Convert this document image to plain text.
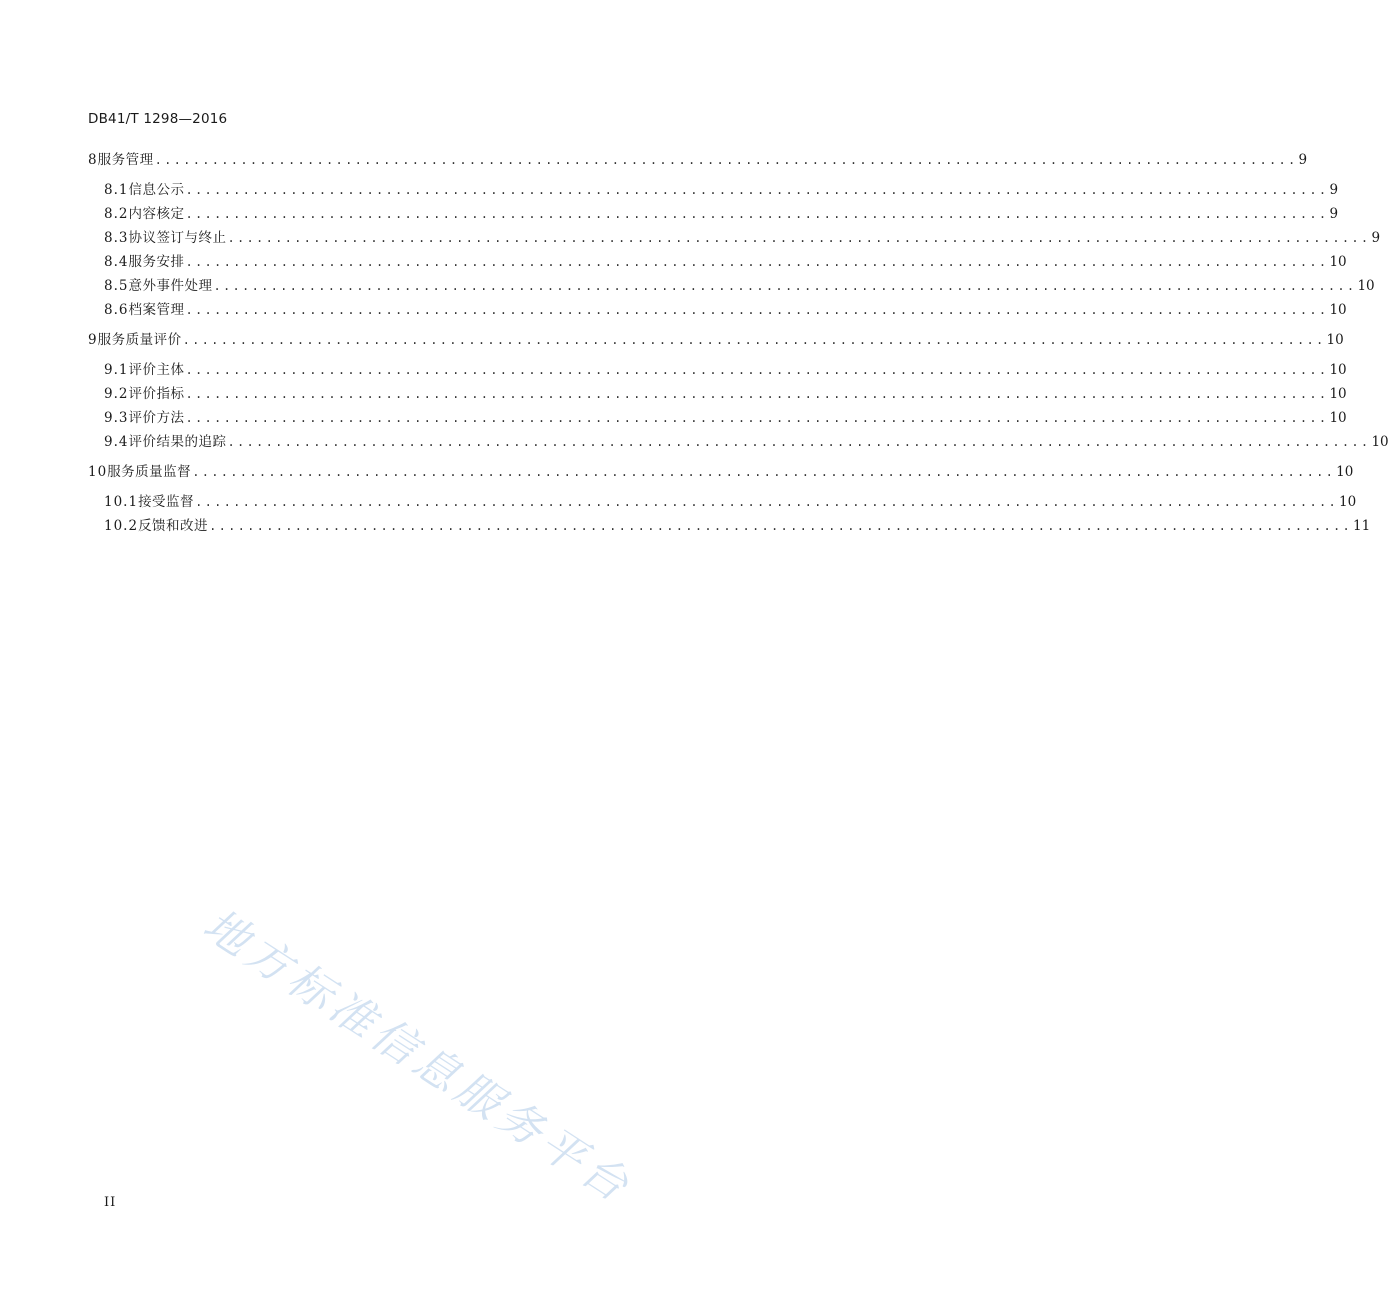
DB41/T 1298—2016
8 服务管理 ........................................................................................................................ 9
8.1 信息公示 ........................................................................................................................ 9
8.2 内容核定 ........................................................................................................................ 9
8.3 协议签订与终止 ........................................................................................................................ 9
8.4 服务安排 ........................................................................................................................ 10
8.5 意外事件处理 ........................................................................................................................ 10
8.6 档案管理 ........................................................................................................................ 10
9 服务质量评价 ........................................................................................................................ 10
9.1 评价主体 ........................................................................................................................ 10
9.2 评价指标 ........................................................................................................................ 10
9.3 评价方法 ........................................................................................................................ 10
9.4 评价结果的追踪 ........................................................................................................................ 10
10 服务质量监督 ........................................................................................................................ 10
10.1 接受监督 ........................................................................................................................ 10
10.2 反馈和改进 ........................................................................................................................ 11
地方标准信息服务平台
II
